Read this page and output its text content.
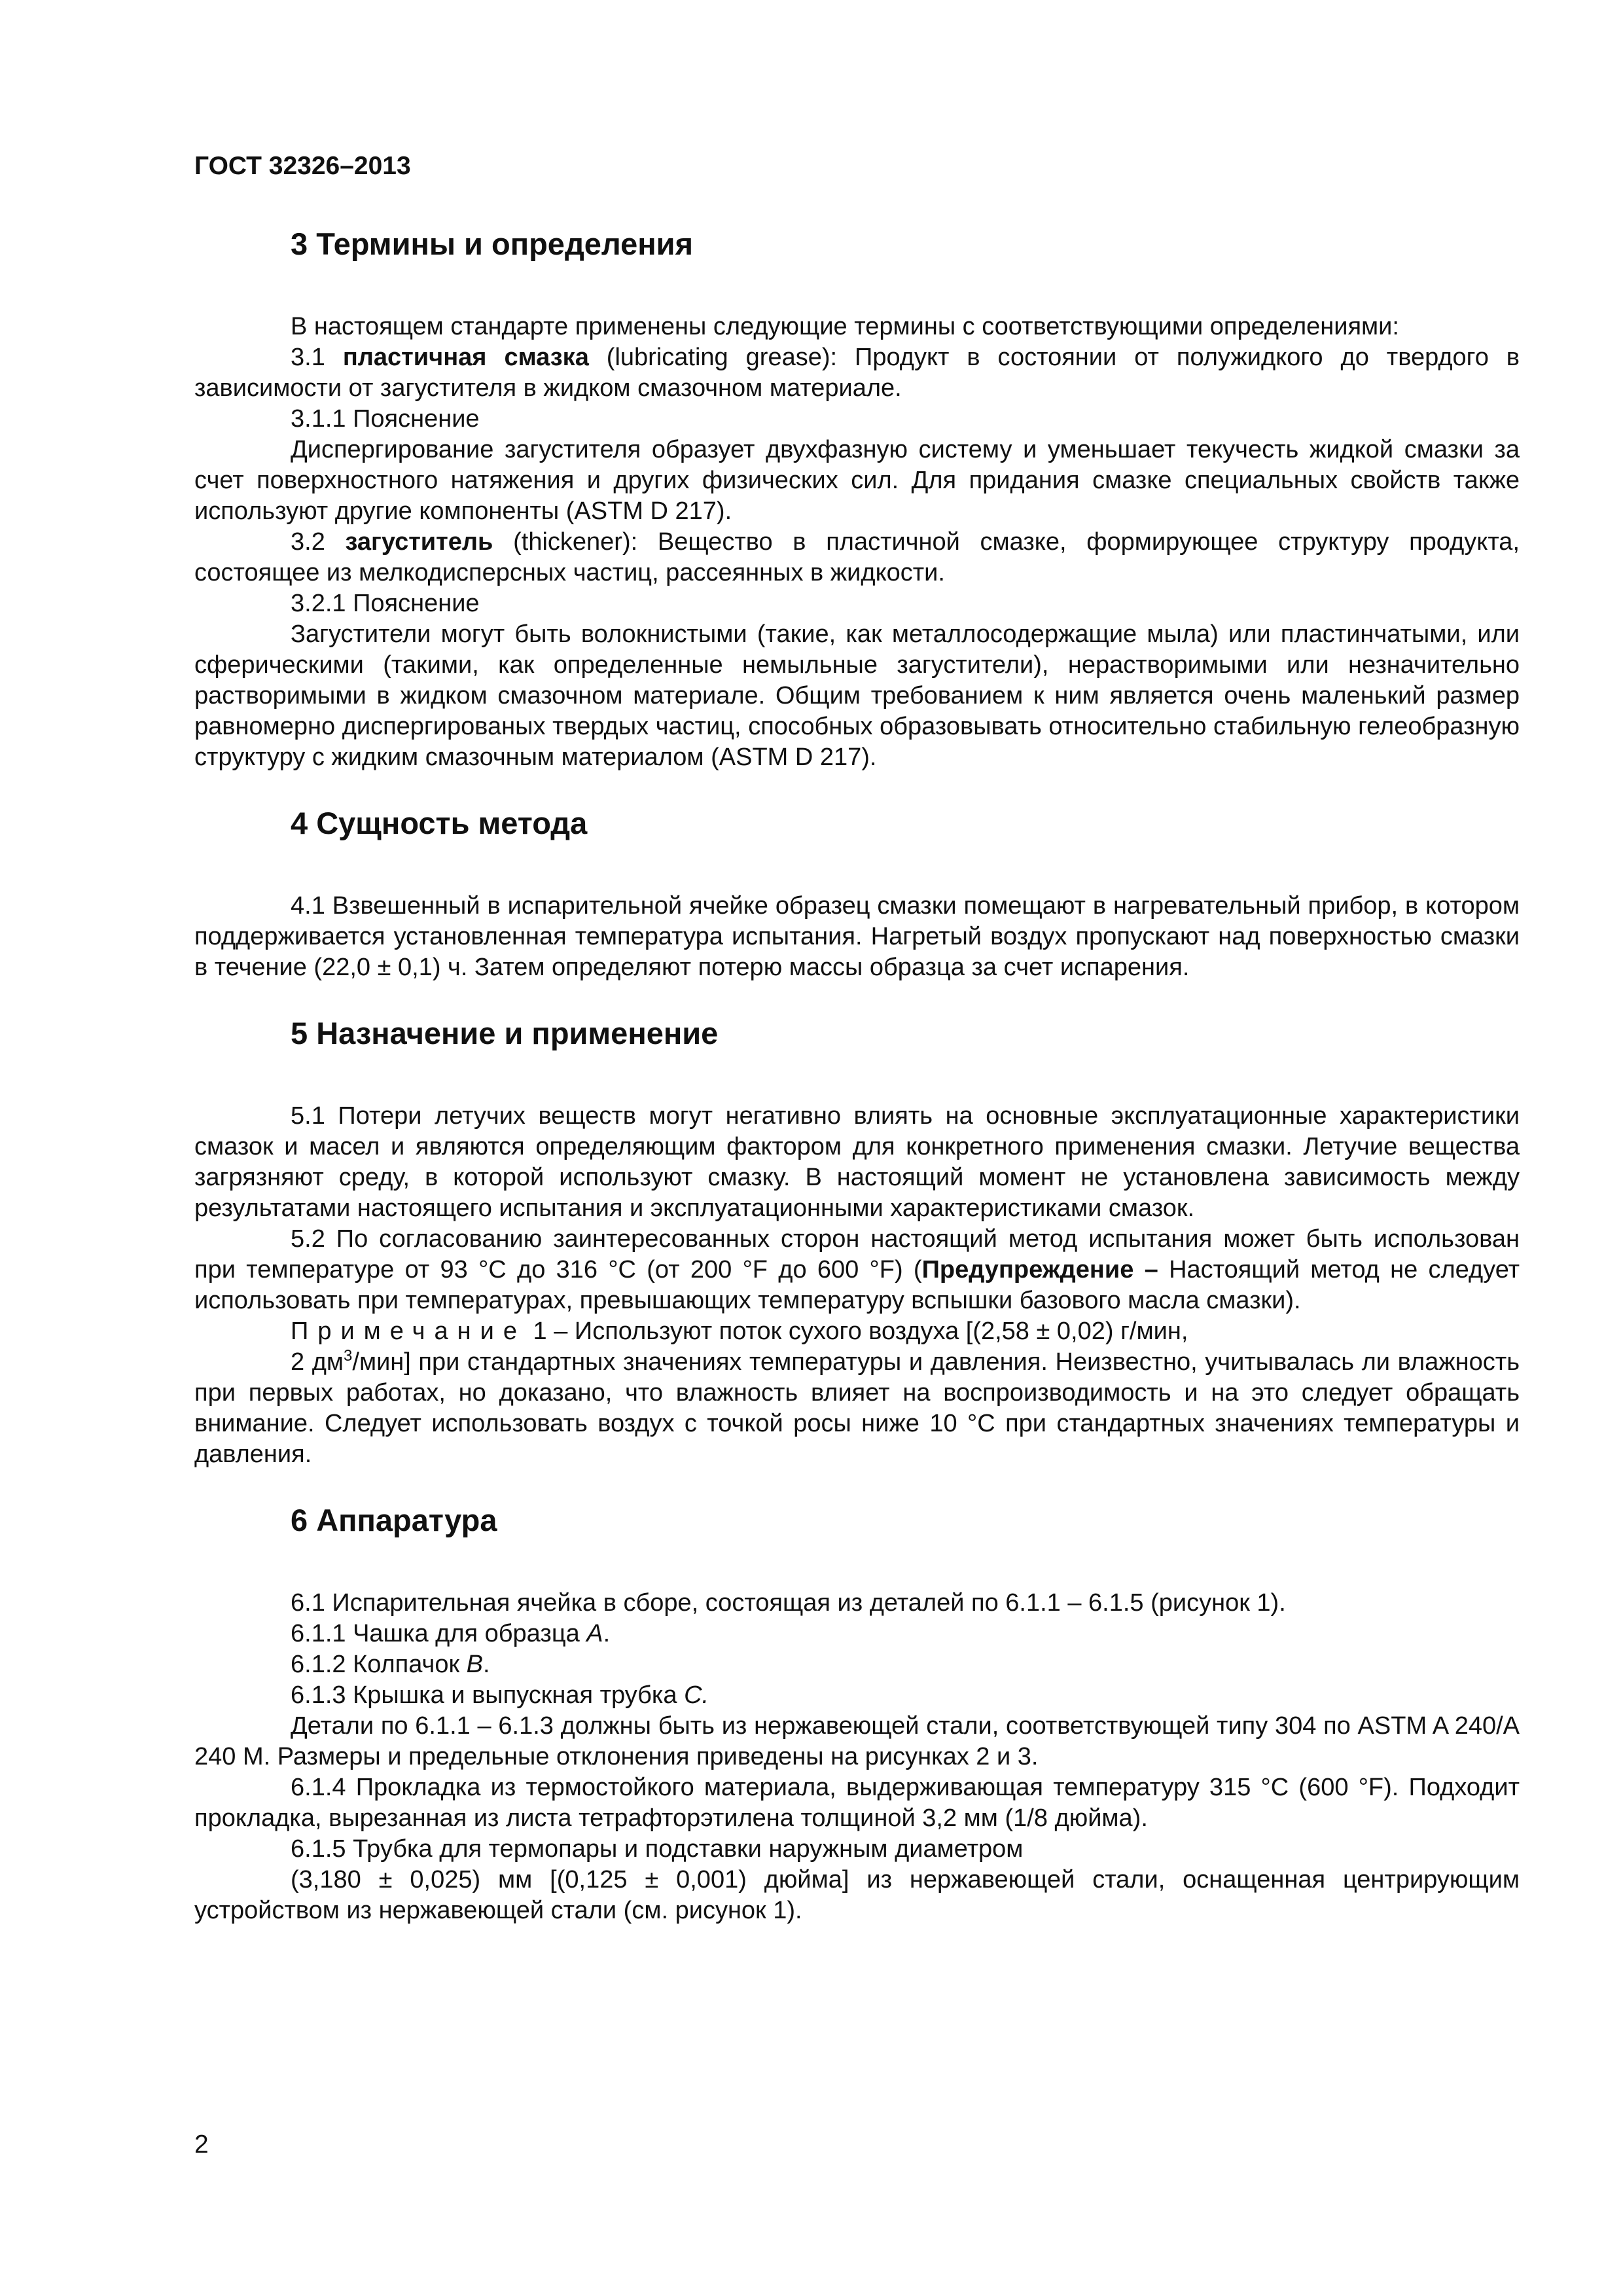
ГОСТ 32326–2013
3 Термины и определения

В настоящем стандарте применены следующие термины с соответствующими определениями:

3.1 пластичная смазка (lubricating grease): Продукт в состоянии от полужидкого до твердого в зависимости от загустителя в жидком смазочном материале.

3.1.1 Пояснение

Диспергирование загустителя образует двухфазную систему и уменьшает текучесть жидкой смазки за счет поверхностного натяжения и других физических сил. Для придания смазке специальных свойств также используют другие компоненты (ASTM D 217).

3.2 загуститель (thickener): Вещество в пластичной смазке, формирующее структуру продукта, состоящее из мелкодисперсных частиц, рассеянных в жидкости.

3.2.1 Пояснение

Загустители могут быть волокнистыми (такие, как металлосодержащие мыла) или пластинчатыми, или сферическими (такими, как определенные немыльные загустители), нерастворимыми или незначительно растворимыми в жидком смазочном материале. Общим требованием к ним является очень маленький размер равномерно диспергированых твердых частиц, способных образовывать относительно стабильную гелеобразную структуру с жидким смазочным материалом (ASTM D 217).

4 Сущность метода

4.1 Взвешенный в испарительной ячейке образец смазки помещают в нагревательный прибор, в котором поддерживается установленная температура испытания. Нагретый воздух пропускают над поверхностью смазки в течение (22,0 ± 0,1) ч. Затем определяют потерю массы образца за счет испарения.

5 Назначение и применение

5.1 Потери летучих веществ могут негативно влиять на основные эксплуатационные характеристики смазок и масел и являются определяющим фактором для конкретного применения смазки. Летучие вещества загрязняют среду, в которой используют смазку. В настоящий момент не установлена зависимость между результатами настоящего испытания и эксплуатационными характеристиками смазок.

5.2 По согласованию заинтересованных сторон настоящий метод испытания может быть использован при температуре от 93 °С до 316 °С (от 200 °F до 600 °F) (Предупреждение – Настоящий метод не следует использовать при температурах, превышающих температуру вспышки базового масла смазки).

Примечание 1 – Используют поток сухого воздуха [(2,58 ± 0,02) г/мин,

2 $дм^3/мин$] при стандартных значениях температуры и давления. Неизвестно, учитывалась ли влажность при первых работах, но доказано, что влажность влияет на воспроизводимость и на это следует обращать внимание. Следует использовать воздух с точкой росы ниже 10 °С при стандартных значениях температуры и давления.

6 Аппаратура

6.1 Испарительная ячейка в сборе, состоящая из деталей по 6.1.1 – 6.1.5 (рисунок 1).

6.1.1 Чашка для образца А.

6.1.2 Колпачок В.

6.1.3 Крышка и выпускная трубка С.

Детали по 6.1.1 – 6.1.3 должны быть из нержавеющей стали, соответствующей типу 304 по ASTM A 240/A 240 M. Размеры и предельные отклонения приведены на рисунках 2 и 3.

6.1.4 Прокладка из термостойкого материала, выдерживающая температуру 315 °С (600 °F). Подходит прокладка, вырезанная из листа тетрафторэтилена толщиной 3,2 мм (1/8 дюйма).

6.1.5 Трубка для термопары и подставки наружным диаметром

(3,180 ± 0,025) мм [(0,125 ± 0,001) дюйма] из нержавеющей стали, оснащенная центрирующим устройством из нержавеющей стали (см. рисунок 1).

2
